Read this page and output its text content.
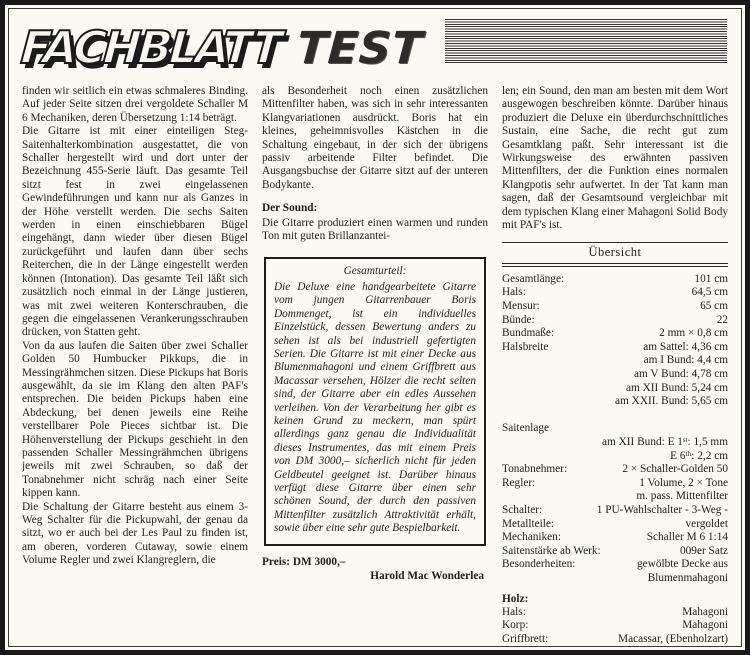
FACHBLATT TEST

finden wir seitlich ein etwas schmaleres Binding. Auf jeder Seite sitzen drei vergoldete Schaller M 6 Mechaniken, deren Übersetzung 1:14 beträgt.

Die Gitarre ist mit einer einteiligen Steg-Saitenhalterkombination ausgestattet, die von Schaller hergestellt wird und dort unter der Bezeichnung 455-Serie läuft. Das gesamte Teil sitzt fest in zwei eingelassenen Gewindeführungen und kann nur als Ganzes in der Höhe verstellt werden. Die sechs Saiten werden in einen einschiebbaren Bügel eingehängt, dann wieder über diesen Bügel zurückgeführt und laufen dann über sechs Reiterchen, die in der Länge eingestellt werden können (Intonation). Das gesamte Teil läßt sich zusätzlich noch einmal in der Länge justieren, was mit zwei weiteren Konterschrauben, die gegen die eingelassenen Verankerungsschrauben drücken, von Statten geht.

Von da aus laufen die Saiten über zwei Schaller Golden 50 Humbucker Pikkups, die in Messingrähmchen sitzen. Diese Pickups hat Boris ausgewählt, da sie im Klang den alten PAF's entsprechen. Die beiden Pickups haben eine Abdeckung, bei denen jeweils eine Reihe verstellbarer Pole Pieces sichtbar ist. Die Höhenverstellung der Pickups geschieht in den passenden Schaller Messingrähmchen übrigens jeweils mit zwei Schrauben, so daß der Tonabnehmer nicht schräg nach einer Seite kippen kann.

Die Schaltung der Gitarre besteht aus einem 3-Weg Schalter für die Pickupwahl, der genau da sitzt, wo er auch bei der Les Paul zu finden ist, am oberen, vorderen Cutaway, sowie einem Volume Regler und zwei Klangreglern, die

als Besonderheit noch einen zusätzlichen Mittenfilter haben, was sich in sehr interessanten Klangvariationen ausdrückt. Boris hat ein kleines, geheimnisvolles Kästchen in die Schaltung eingebaut, in der sich der übrigens passiv arbeitende Filter befindet. Die Ausgangsbuchse der Gitarre sitzt auf der unteren Bodykante.

Der Sound:

Die Gitarre produziert einen warmen und runden Ton mit guten Brillanzantei-

Gesamturteil:
Die Deluxe eine handgearbeitete Gitarre vom jungen Gitarrenbauer Boris Dommenget, ist ein individuelles Einzelstück, dessen Bewertung anders zu sehen ist als bei industriell gefertigten Serien. Die Gitarre ist mit einer Decke aus Blumenmahagoni und einem Griffbrett aus Macassar versehen, Hölzer die recht selten sind, der Gitarre aber ein edles Aussehen verleihen. Von der Verarbeitung her gibt es keinen Grund zu meckern, man spürt allerdings ganz genau die Individualität dieses Instrumentes, das mit einem Preis von DM 3000,– sicherlich nicht für jeden Geldbeutel geeignet ist. Darüber hinaus verfügt diese Gitarre über einen sehr schönen Sound, der durch den passiven Mittenfilter zusätzlich Attraktivität erhält, sowie über eine sehr gute Bespielbarkeit.
Preis: DM 3000,–
Harold Mac Wonderlea

len; ein Sound, den man am besten mit dem Wort ausgewogen beschreiben könnte. Darüber hinaus produziert die Deluxe ein überdurchschnittliches Sustain, eine Sache, die recht gut zum Gesamtklang paßt. Sehr interessant ist die Wirkungsweise des erwähnten passiven Mittenfilters, der die Funktion eines normalen Klangpotis sehr aufwertet. In der Tat kann man sagen, daß der Gesamtsound vergleichbar mit dem typischen Klang einer Mahagoni Solid Body mit PAF's ist.

Übersicht
Gesamtlänge:	101 cm
Hals:	64,5 cm
Mensur:	65 cm
Bünde:	22
Bundmaße:	2 mm × 0,8 cm
Halsbreite	am Sattel: 4,36 cm
am I Bund: 4,4 cm
am V Bund: 4,78 cm
am XII Bund: 5,24 cm
am XXII. Bund: 5,65 cm
Saitenlage
am XII Bund: E 1ˢᵗ: 1,5 mm
E 6ᵗʰ: 2,2 cm
Tonabnehmer:	2 × Schaller-Golden 50
Regler:	1 Volume, 2 × Tone
m. pass. Mittenfilter
Schalter:	1 PU-Wahlschalter - 3-Weg -
Metallteile:	vergoldet
Mechaniken:	Schaller M 6 1:14
Saitenstärke ab Werk:	009er Satz
Besonderheiten:	gewölbte Decke aus
Blumenmahagoni
Holz:
Hals:	Mahagoni
Korp:	Mahagoni
Griffbrett:	Macassar, (Ebenholzart)
